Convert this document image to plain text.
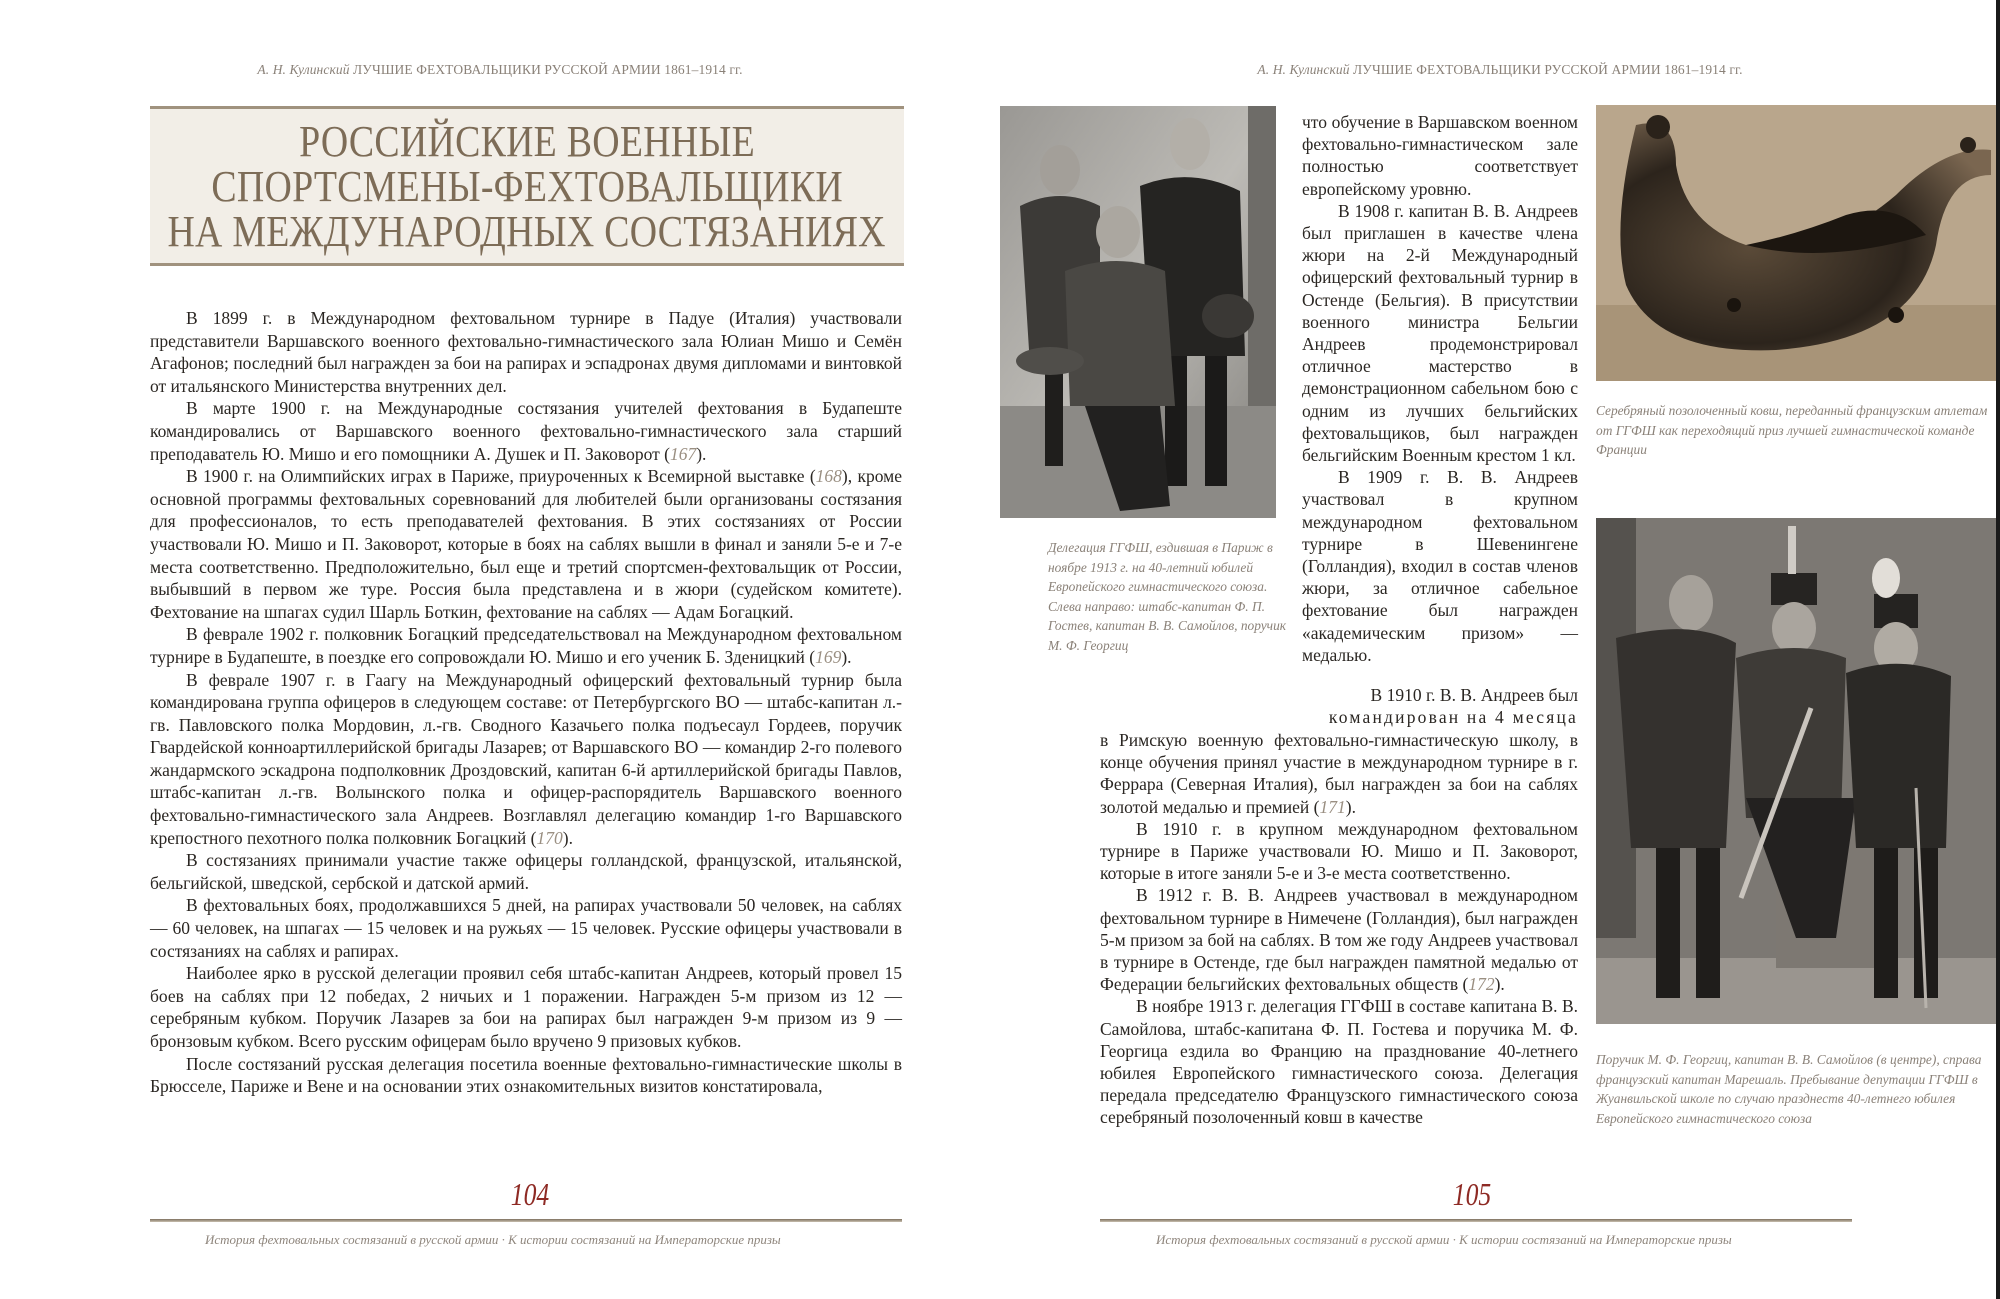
А. Н. Кулинский ЛУЧШИЕ ФЕХТОВАЛЬЩИКИ РУССКОЙ АРМИИ 1861–1914 гг.
РОССИЙСКИЕ ВОЕННЫЕ
СПОРТСМЕНЫ-ФЕХТОВАЛЬЩИКИ
НА МЕЖДУНАРОДНЫХ СОСТЯЗАНИЯХ

В 1899 г. в Международном фехтовальном турнире в Падуе (Италия) участвовали представители Варшавского военного фехтовально-гимнастического зала Юлиан Мишо и Семён Агафонов; последний был награжден за бои на рапирах и эспадронах двумя дипломами и винтовкой от итальянского Министерства внутренних дел.

В марте 1900 г. на Международные состязания учителей фехтования в Будапеште командировались от Варшавского военного фехтовально-гимнастического зала старший преподаватель Ю. Мишо и его помощники А. Душек и П. Заковорот (167).

В 1900 г. на Олимпийских играх в Париже, приуроченных к Всемирной выставке (168), кроме основной программы фехтовальных соревнований для любителей были организованы состязания для профессионалов, то есть преподавателей фехтования. В этих состязаниях от России участвовали Ю. Мишо и П. Заковорот, которые в боях на саблях вышли в финал и заняли 5-е и 7-е места соответственно. Предположительно, был еще и третий спортсмен-фехтовальщик от России, выбывший в первом же туре. Россия была представлена и в жюри (судейском комитете). Фехтование на шпагах судил Шарль Боткин, фехтование на саблях — Адам Богацкий.

В феврале 1902 г. полковник Богацкий председательствовал на Международном фехтовальном турнире в Будапеште, в поездке его сопровождали Ю. Мишо и его ученик Б. Зденицкий (169).

В феврале 1907 г. в Гаагу на Международный офицерский фехтовальный турнир была командирована группа офицеров в следующем составе: от Петербургского ВО — штабс-капитан л.-гв. Павловского полка Мордовин, л.-гв. Сводного Казачьего полка подъесаул Гордеев, поручик Гвардейской конноартиллерийской бригады Лазарев; от Варшавского ВО — командир 2-го полевого жандармского эскадрона подполковник Дроздовский, капитан 6-й артиллерийской бригады Павлов, штабс-капитан л.-гв. Волынского полка и офицер-распорядитель Варшавского военного фехтовально-гимнастического зала Андреев. Возглавлял делегацию командир 1-го Варшавского крепостного пехотного полка полковник Богацкий (170).

В состязаниях принимали участие также офицеры голландской, французской, итальянской, бельгийской, шведской, сербской и датской армий.

В фехтовальных боях, продолжавшихся 5 дней, на рапирах участвовали 50 человек, на саблях — 60 человек, на шпагах — 15 человек и на ружьях — 15 человек. Русские офицеры участвовали в состязаниях на саблях и рапирах.

Наиболее ярко в русской делегации проявил себя штабс-капитан Андреев, который провел 15 боев на саблях при 12 победах, 2 ничьих и 1 поражении. Награжден 5-м призом из 12 — серебряным кубком. Поручик Лазарев за бои на рапирах был награжден 9-м призом из 9 — бронзовым кубком. Всего русским офицерам было вручено 9 призовых кубков.

После состязаний русская делегация посетила военные фехтовально-гимнастические школы в Брюсселе, Париже и Вене и на основании этих ознакомительных визитов констатировала,

104
История фехтовальных состязаний в русской армии · К истории состязаний на Императорские призы
А. Н. Кулинский ЛУЧШИЕ ФЕХТОВАЛЬЩИКИ РУССКОЙ АРМИИ 1861–1914 гг.
Делегация ГГФШ, ездившая в Париж в ноябре 1913 г. на 40-летний юбилей Европейского гимнастического союза. Слева направо: штабс-капитан Ф. П. Гостев, капитан В. В. Самойлов, поручик М. Ф. Георгиц

что обучение в Варшавском военном фехтовально-гимнастическом зале полностью соответствует европейскому уровню.

В 1908 г. капитан В. В. Андреев был приглашен в качестве члена жюри на 2-й Международный офицерский фехтовальный турнир в Остенде (Бельгия). В присутствии военного министра Бельгии Андреев продемонстрировал отличное мастерство в демонстрационном сабельном бою с одним из лучших бельгийских фехтовальщиков, был награжден бельгийским Военным крестом 1 кл.

В 1909 г. В. В. Андреев участвовал в крупном международном фехтовальном турнире в Шевенингене (Голландия), входил в состав членов жюри, за отличное сабельное фехтование был награжден «академическим призом» — медалью.

В 1910 г. В. В. Андреев был
командирован на 4 месяца

в Римскую военную фехтовально-гимнастическую школу, в конце обучения принял участие в международном турнире в г. Феррара (Северная Италия), был награжден за бои на саблях золотой медалью и премией (171).

В 1910 г. в крупном международном фехтовальном турнире в Париже участвовали Ю. Мишо и П. Заковорот, которые в итоге заняли 5-е и 3-е места соответственно.

В 1912 г. В. В. Андреев участвовал в международном фехтовальном турнире в Нимечене (Голландия), был награжден 5-м призом за бой на саблях. В том же году Андреев участвовал в турнире в Остенде, где был награжден памятной медалью от Федерации бельгийских фехтовальных обществ (172).

В ноябре 1913 г. делегация ГГФШ в составе капитана В. В. Самойлова, штабс-капитана Ф. П. Гостева и поручика М. Ф. Георгица ездила во Францию на празднование 40-летнего юбилея Европейского гимнастического союза. Делегация передала председателю Французского гимнастического союза серебряный позолоченный ковш в качестве

Серебряный позолоченный ковш, переданный французским атлетам от ГГФШ как переходящий приз лучшей гимнастической команде Франции
Поручик М. Ф. Георгиц, капитан В. В. Самойлов (в центре), справа французский капитан Марешаль. Пребывание депутации ГГФШ в Жуанвильской школе по случаю празднеств 40-летнего юбилея Европейского гимнастического союза
105
История фехтовальных состязаний в русской армии · К истории состязаний на Императорские призы
